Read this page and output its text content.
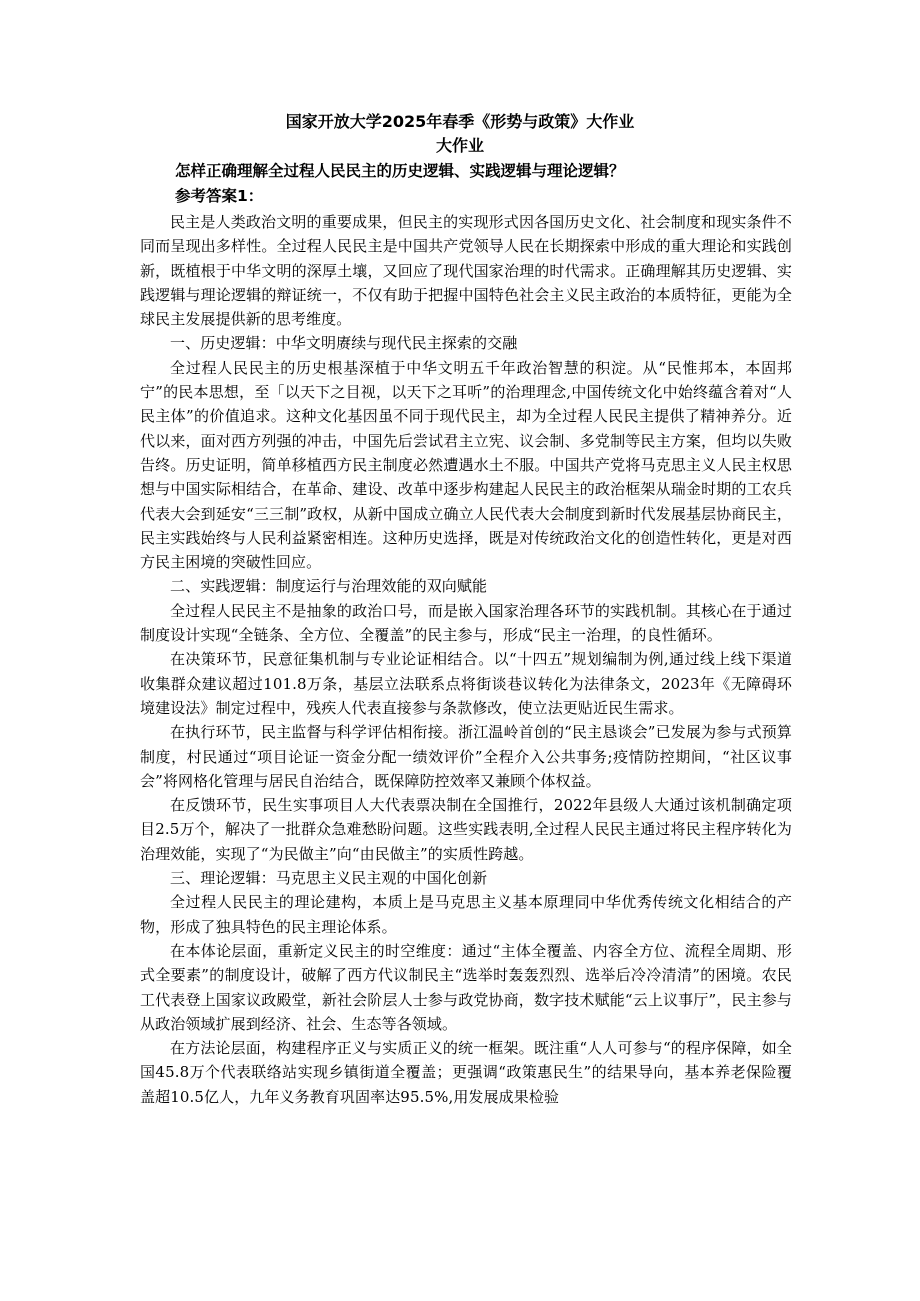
国家开放大学2025年春季《形势与政策》大作业
大作业
怎样正确理解全过程人民民主的历史逻辑、实践逻辑与理论逻辑？
参考答案1：

民主是人类政治文明的重要成果，但民主的实现形式因各国历史文化、社会制度和现实条件不同而呈现出多样性。全过程人民民主是中国共产党领导人民在长期探索中形成的重大理论和实践创新，既植根于中华文明的深厚土壤，又回应了现代国家治理的时代需求。正确理解其历史逻辑、实践逻辑与理论逻辑的辩证统一，不仅有助于把握中国特色社会主义民主政治的本质特征，更能为全球民主发展提供新的思考维度。

一、历史逻辑：中华文明赓续与现代民主探索的交融

全过程人民民主的历史根基深植于中华文明五千年政治智慧的积淀。从“民惟邦本，本固邦宁”的民本思想，至「以天下之目视，以天下之耳听”的治理理念,中国传统文化中始终蕴含着对“人民主体”的价值追求。这种文化基因虽不同于现代民主，却为全过程人民民主提供了精神养分。近代以来，面对西方列强的冲击，中国先后尝试君主立宪、议会制、多党制等民主方案，但均以失败告终。历史证明，简单移植西方民主制度必然遭遇水土不服。中国共产党将马克思主义人民主权思想与中国实际相结合，在革命、建设、改革中逐步构建起人民民主的政治框架从瑞金时期的工农兵代表大会到延安“三三制”政权，从新中国成立确立人民代表大会制度到新时代发展基层协商民主，民主实践始终与人民利益紧密相连。这种历史选择，既是对传统政治文化的创造性转化，更是对西方民主困境的突破性回应。

二、实践逻辑：制度运行与治理效能的双向赋能

全过程人民民主不是抽象的政治口号，而是嵌入国家治理各环节的实践机制。其核心在于通过制度设计实现“全链条、全方位、全覆盖”的民主参与，形成“民主一治理，的良性循环。

在决策环节，民意征集机制与专业论证相结合。以“十四五”规划编制为例,通过线上线下渠道收集群众建议超过101.8万条，基层立法联系点将街谈巷议转化为法律条文，2023年《无障碍环境建设法》制定过程中，残疾人代表直接参与条款修改，使立法更贴近民生需求。

在执行环节，民主监督与科学评估相衔接。浙江温岭首创的“民主恳谈会”已发展为参与式预算制度，村民通过“项目论证一资金分配一绩效评价”全程介入公共事务;疫情防控期间，“社区议事会”将网格化管理与居民自治结合，既保障防控效率又兼顾个体权益。

在反馈环节，民生实事项目人大代表票决制在全国推行，2022年县级人大通过该机制确定项目2.5万个，解决了一批群众急难愁盼问题。这些实践表明,全过程人民民主通过将民主程序转化为治理效能，实现了“为民做主”向“由民做主”的实质性跨越。

三、理论逻辑：马克思主义民主观的中国化创新

全过程人民民主的理论建构，本质上是马克思主义基本原理同中华优秀传统文化相结合的产物，形成了独具特色的民主理论体系。

在本体论层面，重新定义民主的时空维度：通过“主体全覆盖、内容全方位、流程全周期、形式全要素”的制度设计，破解了西方代议制民主“选举时轰轰烈烈、选举后冷冷清清”的困境。农民工代表登上国家议政殿堂，新社会阶层人士参与政党协商，数字技术赋能“云上议事厅”，民主参与从政治领域扩展到经济、社会、生态等各领域。

在方法论层面，构建程序正义与实质正义的统一框架。既注重“人人可参与“的程序保障，如全国45.8万个代表联络站实现乡镇街道全覆盖；更强调“政策惠民生”的结果导向，基本养老保险覆盖超10.5亿人，九年义务教育巩固率达95.5%,用发展成果检验
